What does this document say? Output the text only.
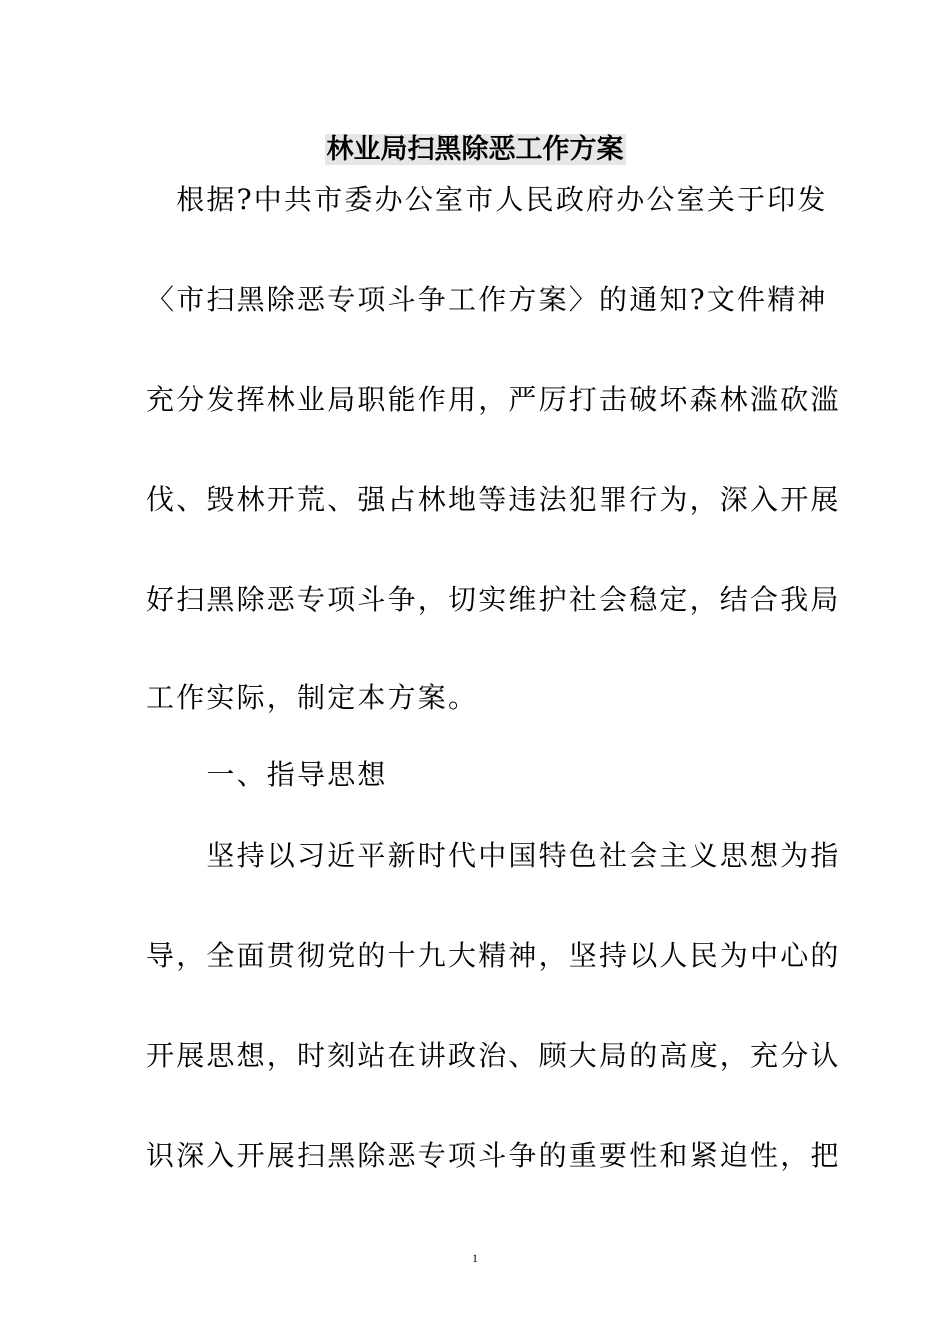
林业局扫黑除恶工作方案
　根据?中共市委办公室市人民政府办公室关于印发
〈市扫黑除恶专项斗争工作方案〉的通知?文件精神
充分发挥林业局职能作用，严厉打击破坏森林滥砍滥
伐、毁林开荒、强占林地等违法犯罪行为，深入开展
好扫黑除恶专项斗争，切实维护社会稳定，结合我局
工作实际，制定本方案。
　　一、指导思想
　　坚持以习近平新时代中国特色社会主义思想为指
导，全面贯彻党的十九大精神，坚持以人民为中心的
开展思想，时刻站在讲政治、顾大局的高度，充分认
识深入开展扫黑除恶专项斗争的重要性和紧迫性，把
1
